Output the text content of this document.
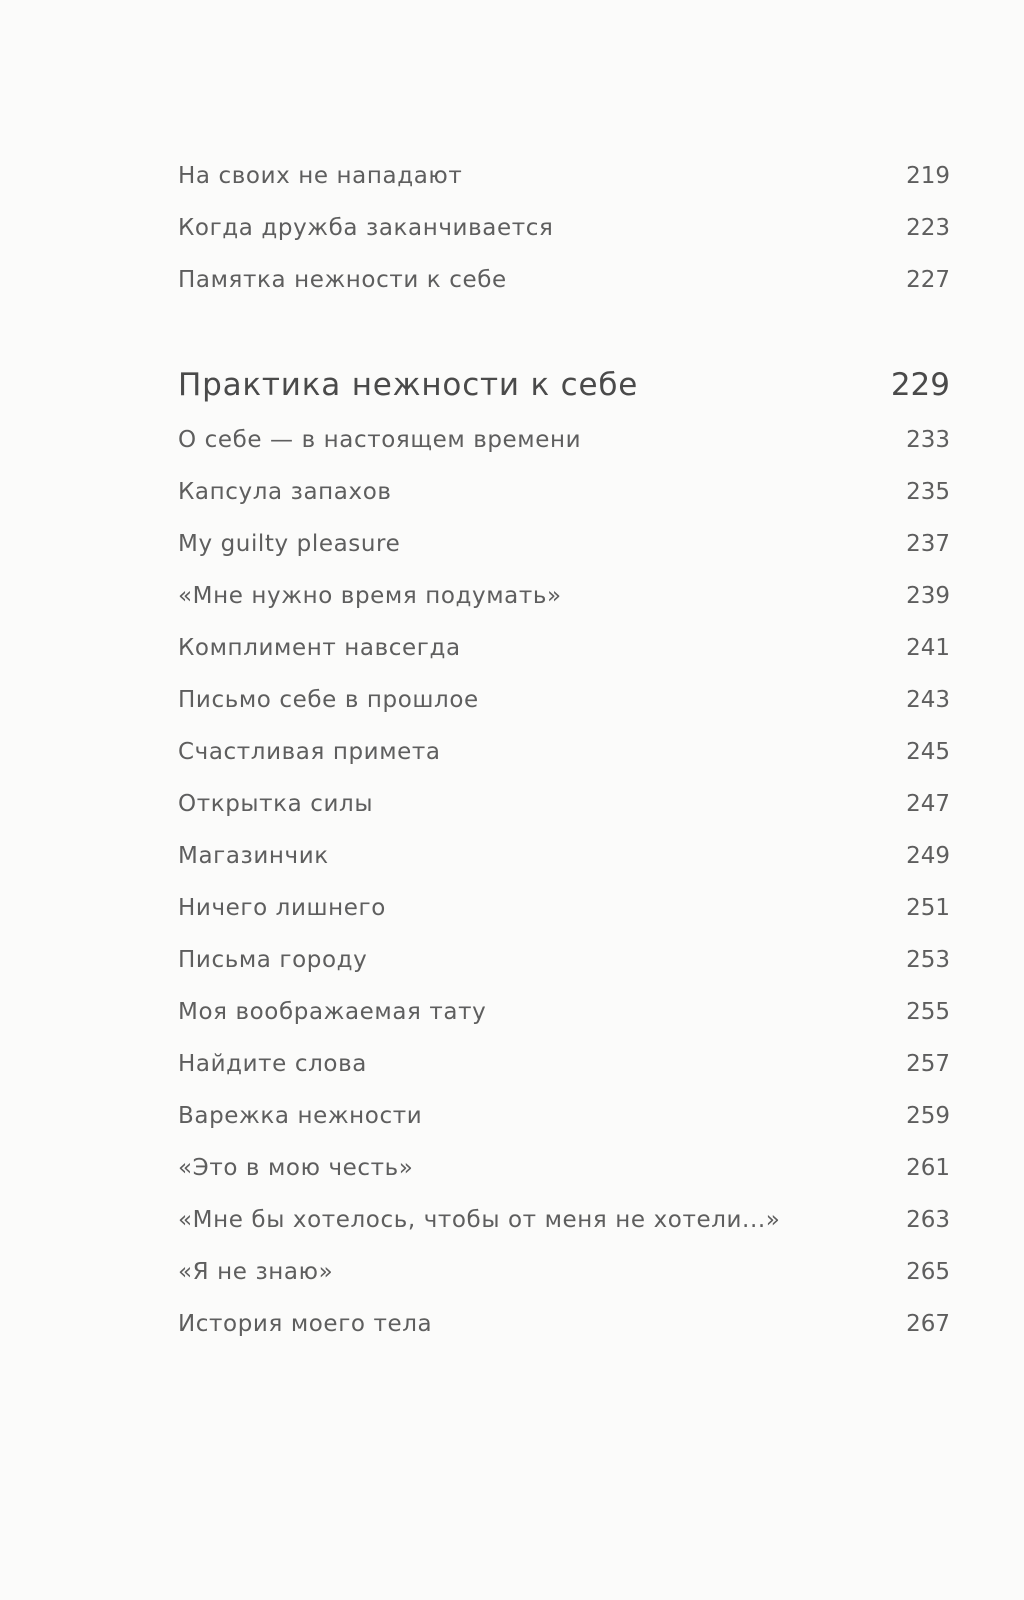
На своих не нападают	219
Когда дружба заканчивается	223
Памятка нежности к себе	227
Практика нежности к себе	229
О себе — в настоящем времени	233
Капсула запахов	235
My guilty pleasure	237
«Мне нужно время подумать»	239
Комплимент навсегда	241
Письмо себе в прошлое	243
Счастливая примета	245
Открытка силы	247
Магазинчик	249
Ничего лишнего	251
Письма городу	253
Моя воображаемая тату	255
Найдите слова	257
Варежка нежности	259
«Это в мою честь»	261
«Мне бы хотелось, чтобы от меня не хотели...»	263
«Я не знаю»	265
История моего тела	267
